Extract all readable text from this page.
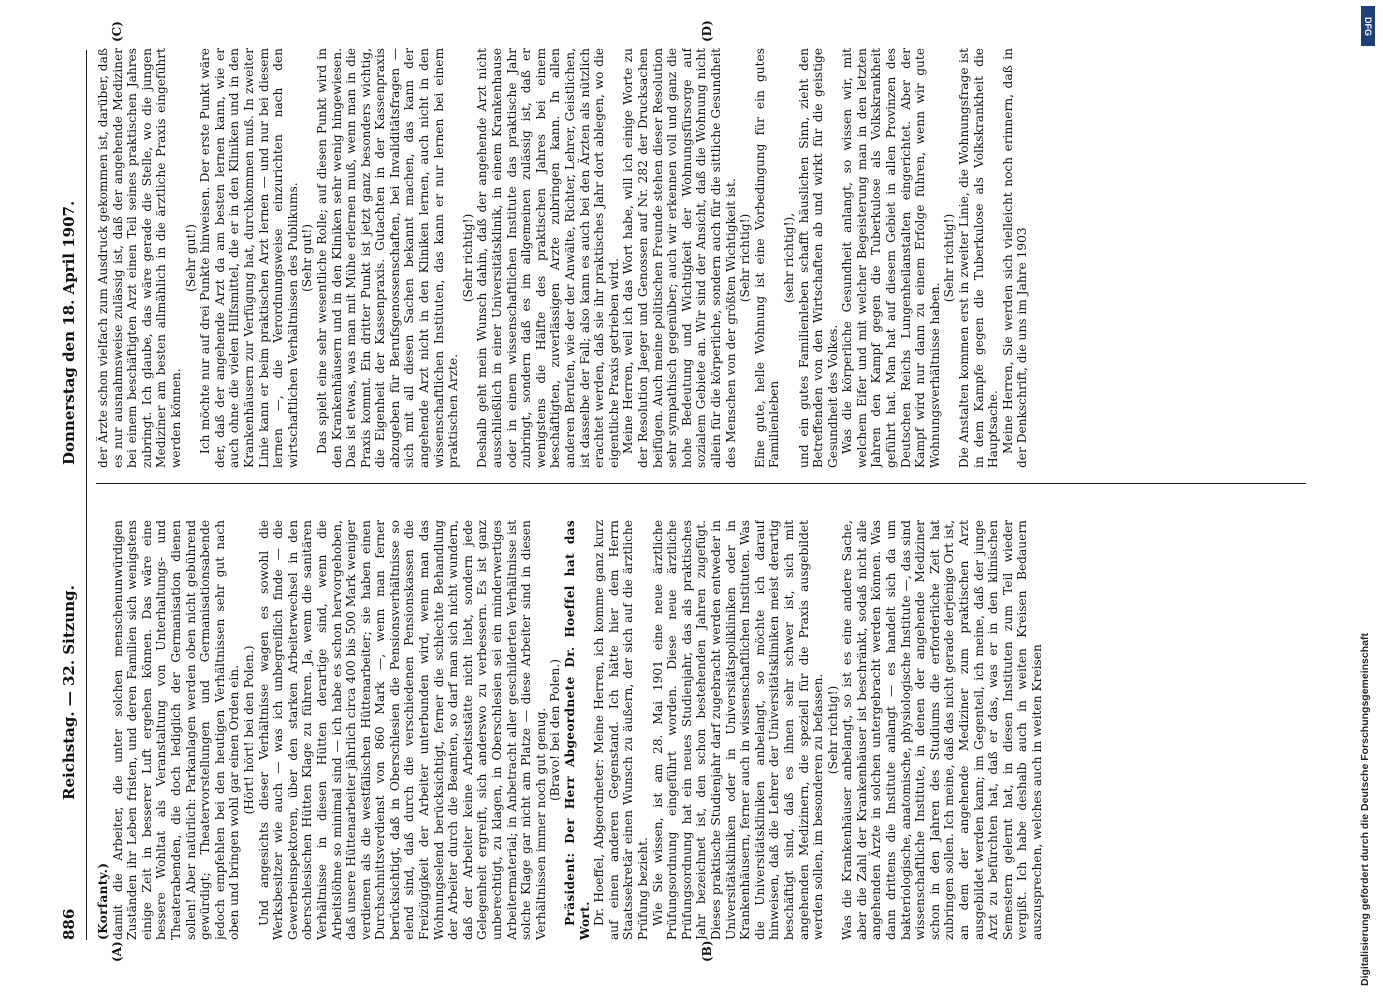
886
Reichstag. — 32. Sitzung.
Donnerstag den 18. April 1907.
(A)	(B)
(C)	(D)

(Korfanty.) damit die Arbeiter, die unter solchen menschenunwürdigen Zuständen ihr Leben fristen, und deren Familien sich wenigstens einige Zeit in besserer Luft ergehen können. Das wäre eine bessere Wohltat als Veranstaltung von Unterhaltungs- und Theaterabenden, die doch lediglich der Germanisation dienen sollen! Aber natürlich: Parkanlagen werden oben nicht gebührend gewürdigt; Theatervorstellungen und Germanisationsabende jedoch empfehlen bei den heutigen Verhältnissen sehr gut nach oben und bringen wohl gar einen Orden ein. (Hört! hört! bei den Polen.) Und angesichts dieser Verhältnisse wagen es sowohl die Werksbesitzer wie auch — was ich unbegreiflich finde — die Gewerbeinspektoren, über den starken Arbeiterwechsel in den oberschlesischen Hütten Klage zu führen. Ja, wenn die sanitären Verhältnisse in diesen Hütten derartige sind, wenn die Arbeitslöhne so minimal sind — ich habe es schon hervorgehoben, daß unsere Hüttenarbeiter jährlich circa 400 bis 500 Mark weniger verdienen als die westfälischen Hüttenarbeiter; sie haben einen Durchschnittsverdienst von 860 Mark —, wenn man ferner berücksichtigt, daß in Oberschlesien die Pensionsverhältnisse so elend sind, daß durch die verschiedenen Pensionskassen die Freizügigkeit der Arbeiter unterbunden wird, wenn man das Wohnungselend berücksichtigt, ferner die schlechte Behandlung der Arbeiter durch die Beamten, so darf man sich nicht wundern, daß der Arbeiter keine Arbeitsstätte nicht liebt, sondern jede Gelegenheit ergreift, sich anderswo zu verbessern. Es ist ganz unberechtigt, zu klagen, in Oberschlesien sei ein minderwertiges Arbeitermaterial; in Anbetracht aller geschilderten Verhältnisse ist solche Klage gar nicht am Platze — diese Arbeiter sind in diesen Verhältnissen immer noch gut genug. (Bravo! bei den Polen.) Präsident: Der Herr Abgeordnete Dr. Hoeffel hat das Wort. Dr. Hoeffel, Abgeordneter: Meine Herren, ich komme ganz kurz auf einen anderen Gegenstand. Ich hätte hier dem Herrn Staatssekretär einen Wunsch zu äußern, der sich auf die ärztliche Prüfung bezieht. Wie Sie wissen, ist am 28. Mai 1901 eine neue ärztliche Prüfungsordnung eingeführt worden. Diese neue ärztliche Prüfungsordnung hat ein neues Studienjahr, das als praktisches Jahr bezeichnet ist, den schon bestehenden Jahren zugefügt. Dieses praktische Studienjahr darf zugebracht werden entweder in Universitätskliniken oder in Universitätspolikliniken oder in Krankenhäusern, ferner auch in wissenschaftlichen Instituten. Was die Universitätskliniken anbelangt, so möchte ich darauf hinweisen, daß die Lehrer der Universitätskliniken meist derartig beschäftigt sind, daß es ihnen sehr schwer ist, sich mit angehenden Medizinern, die speziell für die Praxis ausgebildet werden sollen, im besonderen zu befassen. (Sehr richtig!) Was die Krankenhäuser anbelangt, so ist es eine andere Sache, aber die Zahl der Krankenhäuser ist beschränkt, sodaß nicht alle angehenden Ärzte in solchen untergebracht werden können. Was dann drittens die Institute anlangt — es handelt sich da um bakteriologische, anatomische, physiologische Institute —, das sind wissenschaftliche Institute, in denen der angehende Mediziner schon in den Jahren des Studiums die erforderliche Zeit hat zubringen sollen. Ich meine, daß das nicht gerade derjenige Ort ist, an dem der angehende Mediziner zum praktischen Arzt ausgebildet werden kann; im Gegenteil, ich meine, daß der junge Arzt zu befürchten hat, daß er das, was er in den klinischen Semestern gelernt hat, in diesen Instituten zum Teil wieder vergißt. Ich habe deshalb auch in weiten Kreisen Bedauern auszusprechen, welches auch in weiten Kreisen

der Ärzte schon vielfach zum Ausdruck gekommen ist, darüber, daß es nur ausnahmsweise zulässig ist, daß der angehende Mediziner bei einem beschäftigten Arzt einen Teil seines praktischen Jahres zubringt. Ich glaube, das wäre gerade die Stelle, wo die jungen Mediziner am besten allmählich in die ärztliche Praxis eingeführt werden können.

(Sehr gut!) Ich möchte nur auf drei Punkte hinweisen. Der erste Punkt wäre der, daß der angehende Arzt da am besten lernen kann, wie er auch ohne die vielen Hilfsmittel, die er in den Kliniken und in den Krankenhäusern zur Verfügung hat, durchkommen muß. In zweiter Linie kann er beim praktischen Arzt lernen — und nur bei diesem lernen —, die Verordnungsweise einzurichten nach den wirtschaftlichen Verhältnissen des Publikums. (Sehr gut!) Das spielt eine sehr wesentliche Rolle; auf diesen Punkt wird in den Krankenhäusern und in den Kliniken sehr wenig hingewiesen. Das ist etwas, was man mit Mühe erlernen muß, wenn man in die Praxis kommt. Ein dritter Punkt ist jetzt ganz besonders wichtig, die Eigenheit der Kassenpraxis. Gutachten in der Kassenpraxis abzugeben für Berufsgenossenschaften, bei Invaliditätsfragen — sich mit all diesen Sachen bekannt machen, das kann der angehende Arzt nicht in den Kliniken lernen, auch nicht in den wissenschaftlichen Instituten, das kann er nur lernen bei einem praktischen Arzte.

(Sehr richtig!) Deshalb geht mein Wunsch dahin, daß der angehende Arzt nicht ausschließlich in einer Universitätsklinik, in einem Krankenhause oder in einem wissenschaftlichen Institute das praktische Jahr zubringt, sondern daß es im allgemeinen zulässig ist, daß er wenigstens die Hälfte des praktischen Jahres bei einem beschäftigten, zuverlässigen Arzte zubringen kann. In allen anderen Berufen, wie der der Anwälte, Richter, Lehrer, Geistlichen, ist dasselbe der Fall; also kann es auch bei den Ärzten als nützlich erachtet werden, daß sie ihr praktisches Jahr dort ablegen, wo die eigentliche Praxis getrieben wird. Meine Herren, weil ich das Wort habe, will ich einige Worte zu der Resolution Jaeger und Genossen auf Nr. 282 der Drucksachen beifügen. Auch meine politischen Freunde stehen dieser Resolution sehr sympathisch gegenüber; auch wir erkennen voll und ganz die hohe Bedeutung und Wichtigkeit der Wohnungsfürsorge auf sozialem Gebiete an. Wir sind der Ansicht, daß die Wohnung nicht allein für die körperliche, sondern auch für die sittliche Gesundheit des Menschen von der größten Wichtigkeit ist. (Sehr richtig!) Eine gute, helle Wohnung ist eine Vorbedingung für ein gutes Familienleben

(sehr richtig!), und ein gutes Familienleben schafft häuslichen Sinn, zieht den Betreffenden von den Wirtschaften ab und wirkt für die geistige Gesundheit des Volkes. Was die körperliche Gesundheit anlangt, so wissen wir, mit welchem Eifer und mit welcher Begeisterung man in den letzten Jahren den Kampf gegen die Tuberkulose als Volkskrankheit geführt hat. Man hat auf diesem Gebiet in allen Provinzen des Deutschen Reichs Lungenheilanstalten eingerichtet. Aber der Kampf wird nur dann zu einem Erfolge führen, wenn wir gute Wohnungsverhältnisse haben.

(Sehr richtig!) Die Anstalten kommen erst in zweiter Linie, die Wohnungsfrage ist in dem Kampfe gegen die Tuberkulose als Volkskrankheit die Hauptsache. Meine Herren, Sie werden sich vielleicht noch erinnern, daß in der Denkschrift, die uns im Jahre 1903

DFG
Digitalisierung gefördert durch die Deutsche Forschungsgemeinschaft
